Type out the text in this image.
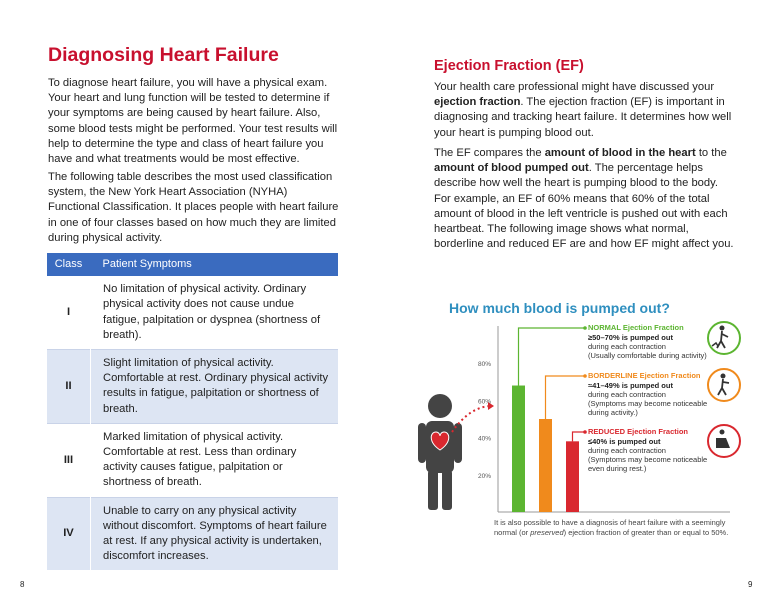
Diagnosing Heart Failure
To diagnose heart failure, you will have a physical exam. Your heart and lung function will be tested to determine if your symptoms are being caused by heart failure. Also, some blood tests might be performed. Your test results will help to determine the type and class of heart failure you have and what treatments would be most effective.
The following table describes the most used classification system, the New York Heart Association (NYHA) Functional Classification. It places people with heart failure in one of four classes based on how much they are limited during physical activity.
Class	Patient Symptoms
I	No limitation of physical activity. Ordinary physical activity does not cause undue fatigue, palpitation or dyspnea (shortness of breath).
II	Slight limitation of physical activity. Comfortable at rest. Ordinary physical activity results in fatigue, palpitation or shortness of breath.
III	Marked limitation of physical activity. Comfortable at rest. Less than ordinary activity causes fatigue, palpitation or shortness of breath.
IV	Unable to carry on any physical activity without discomfort. Symptoms of heart failure at rest. If any physical activity is undertaken, discomfort increases.
8
Ejection Fraction (EF)
Your health care professional might have discussed your ejection fraction. The ejection fraction (EF) is important in diagnosing and tracking heart failure. It determines how well your heart is pumping blood out.
The EF compares the amount of blood in the heart to the amount of blood pumped out. The percentage helps describe how well the heart is pumping blood to the body. For example, an EF of 60% means that 60% of the total amount of blood in the left ventricle is pushed out with each heartbeat. The following image shows what normal, borderline and reduced EF are and how EF might affect you.
How much blood is pumped out?
20%
40%
60%
80%
NORMAL Ejection Fraction
≥50–70% is pumped out
during each contraction
(Usually comfortable during activity)
BORDERLINE Ejection Fraction
≈41–49% is pumped out
during each contraction
(Symptoms may become noticeable
during activity.)
REDUCED Ejection Fraction
≤40% is pumped out
during each contraction
(Symptoms may become noticeable
even during rest.)
It is also possible to have a diagnosis of heart failure with a seemingly
normal (or preserved) ejection fraction of greater than or equal to 50%.
9
